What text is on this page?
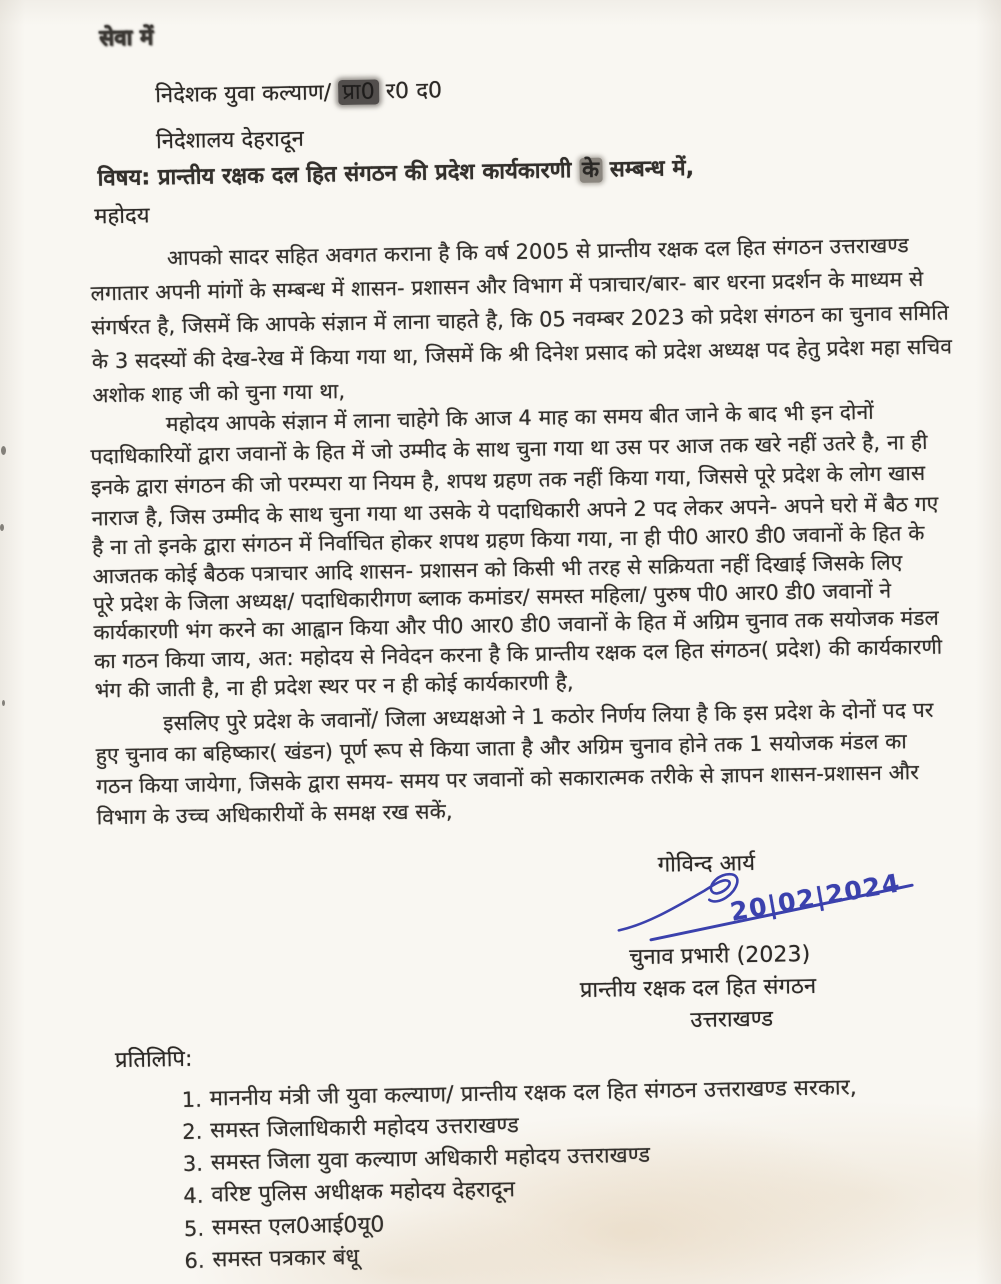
सेवा में
निदेशक युवा कल्याण/ प्रा0 र0 द0
निदेशालय देहरादून
विषय: प्रान्तीय रक्षक दल हित संगठन की प्रदेश कार्यकारणी के सम्बन्ध में,
महोदय
आपको सादर सहित अवगत कराना है कि वर्ष 2005 से प्रान्तीय रक्षक दल हित संगठन उत्तराखण्ड
लगातार अपनी मांगों के सम्बन्ध में शासन- प्रशासन और विभाग में पत्राचार/बार- बार धरना प्रदर्शन के माध्यम से
संगर्षरत है, जिसमें कि आपके संज्ञान में लाना चाहते है, कि 05 नवम्बर 2023 को प्रदेश संगठन का चुनाव समिति
के 3 सदस्यों की देख-रेख में किया गया था, जिसमें कि श्री दिनेश प्रसाद को प्रदेश अध्यक्ष पद हेतु प्रदेश महा सचिव
अशोक शाह जी को चुना गया था,
महोदय आपके संज्ञान में लाना चाहेगे कि आज 4 माह का समय बीत जाने के बाद भी इन दोनों
पदाधिकारियों द्वारा जवानों के हित में जो उम्मीद के साथ चुना गया था उस पर आज तक खरे नहीं उतरे है, ना ही
इनके द्वारा संगठन की जो परम्परा या नियम है, शपथ ग्रहण तक नहीं किया गया, जिससे पूरे प्रदेश के लोग खास
नाराज है, जिस उम्मीद के साथ चुना गया था उसके ये पदाधिकारी अपने 2 पद लेकर अपने- अपने घरो में बैठ गए
है ना तो इनके द्वारा संगठन में निर्वाचित होकर शपथ ग्रहण किया गया, ना ही पी0 आर0 डी0 जवानों के हित के
आजतक कोई बैठक पत्राचार आदि शासन- प्रशासन को किसी भी तरह से सक्रियता नहीं दिखाई जिसके लिए
पूरे प्रदेश के जिला अध्यक्ष/ पदाधिकारीगण ब्लाक कमांडर/ समस्त महिला/ पुरुष पी0 आर0 डी0 जवानों ने
कार्यकारणी भंग करने का आह्वान किया और पी0 आर0 डी0 जवानों के हित में अग्रिम चुनाव तक सयोजक मंडल
का गठन किया जाय, अत: महोदय से निवेदन करना है कि प्रान्तीय रक्षक दल हित संगठन( प्रदेश) की कार्यकारणी
भंग की जाती है, ना ही प्रदेश स्थर पर न ही कोई कार्यकारणी है,
इसलिए पुरे प्रदेश के जवानों/ जिला अध्यक्षओ ने 1 कठोर निर्णय लिया है कि इस प्रदेश के दोनों पद पर
हुए चुनाव का बहिष्कार( खंडन) पूर्ण रूप से किया जाता है और अग्रिम चुनाव होने तक 1 सयोजक मंडल का
गठन किया जायेगा, जिसके द्वारा समय- समय पर जवानों को सकारात्मक तरीके से ज्ञापन शासन-प्रशासन और
विभाग के उच्च अधिकारीयों के समक्ष रख सकें,
गोविन्द आर्य
20|02|2024
चुनाव प्रभारी (2023)
प्रान्तीय रक्षक दल हित संगठन
उत्तराखण्ड
प्रतिलिपि:
1. माननीय मंत्री जी युवा कल्याण/ प्रान्तीय रक्षक दल हित संगठन उत्तराखण्ड सरकार,
2. समस्त जिलाधिकारी महोदय उत्तराखण्ड
3. समस्त जिला युवा कल्याण अधिकारी महोदय उत्तराखण्ड
4. वरिष्ट पुलिस अधीक्षक महोदय देहरादून
5. समस्त एल0आई0यू0
6. समस्त पत्रकार बंधू
